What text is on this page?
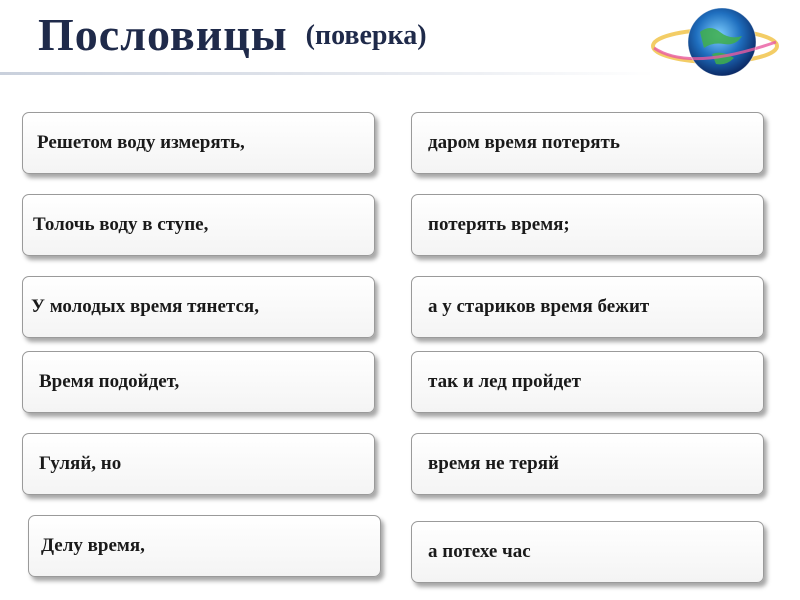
Пословицы (поверка)
Решетом воду измерять,
Толочь воду в ступе,
У молодых время тянется,
Время подойдет,
Гуляй, но
Делу время,
даром время потерять
потерять время;
а у стариков время бежит
так и лед пройдет
время не теряй
а потехе час
